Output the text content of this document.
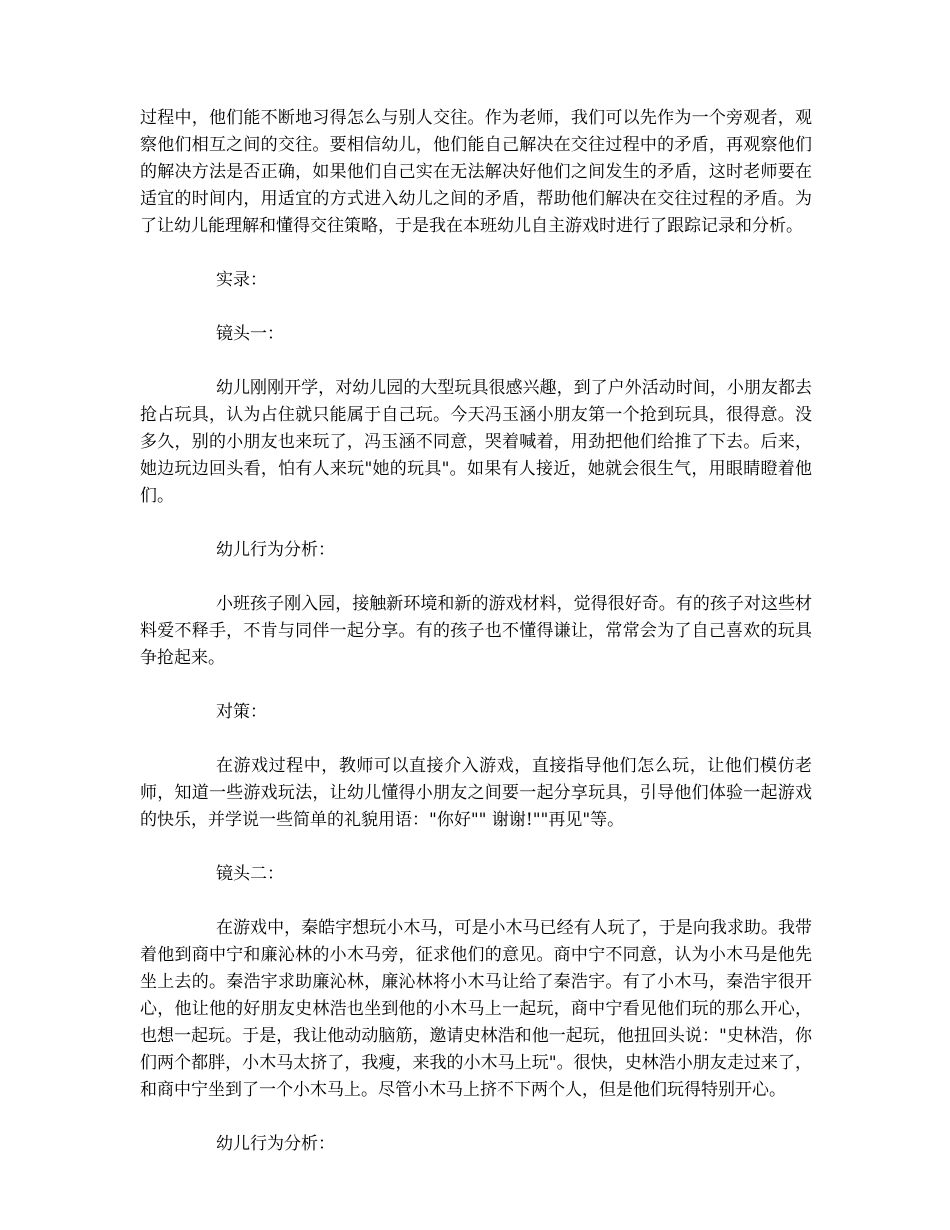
过程中，他们能不断地习得怎么与别人交往。作为老师，我们可以先作为一个旁观者，观察他们相互之间的交往。要相信幼儿，他们能自己解决在交往过程中的矛盾，再观察他们的解决方法是否正确，如果他们自己实在无法解决好他们之间发生的矛盾，这时老师要在适宜的时间内，用适宜的方式进入幼儿之间的矛盾，帮助他们解决在交往过程的矛盾。为了让幼儿能理解和懂得交往策略，于是我在本班幼儿自主游戏时进行了跟踪记录和分析。

实录：

镜头一：

幼儿刚刚开学，对幼儿园的大型玩具很感兴趣，到了户外活动时间，小朋友都去抢占玩具，认为占住就只能属于自己玩。今天冯玉涵小朋友第一个抢到玩具，很得意。没多久，别的小朋友也来玩了，冯玉涵不同意，哭着喊着，用劲把他们给推了下去。后来，她边玩边回头看，怕有人来玩"她的玩具"。如果有人接近，她就会很生气，用眼睛瞪着他们。

幼儿行为分析：

小班孩子刚入园，接触新环境和新的游戏材料，觉得很好奇。有的孩子对这些材料爱不释手，不肯与同伴一起分享。有的孩子也不懂得谦让，常常会为了自己喜欢的玩具争抢起来。

对策：

在游戏过程中，教师可以直接介入游戏，直接指导他们怎么玩，让他们模仿老师，知道一些游戏玩法，让幼儿懂得小朋友之间要一起分享玩具，引导他们体验一起游戏的快乐，并学说一些简单的礼貌用语："你好"" 谢谢!""再见"等。

镜头二：

在游戏中，秦皓宇想玩小木马，可是小木马已经有人玩了，于是向我求助。我带着他到商中宁和廉沁林的小木马旁，征求他们的意见。商中宁不同意，认为小木马是他先坐上去的。秦浩宇求助廉沁林，廉沁林将小木马让给了秦浩宇。有了小木马，秦浩宇很开心，他让他的好朋友史林浩也坐到他的小木马上一起玩，商中宁看见他们玩的那么开心，也想一起玩。于是，我让他动动脑筋，邀请史林浩和他一起玩，他扭回头说："史林浩，你们两个都胖，小木马太挤了，我瘦，来我的小木马上玩"。很快，史林浩小朋友走过来了，和商中宁坐到了一个小木马上。尽管小木马上挤不下两个人，但是他们玩得特别开心。

幼儿行为分析：
